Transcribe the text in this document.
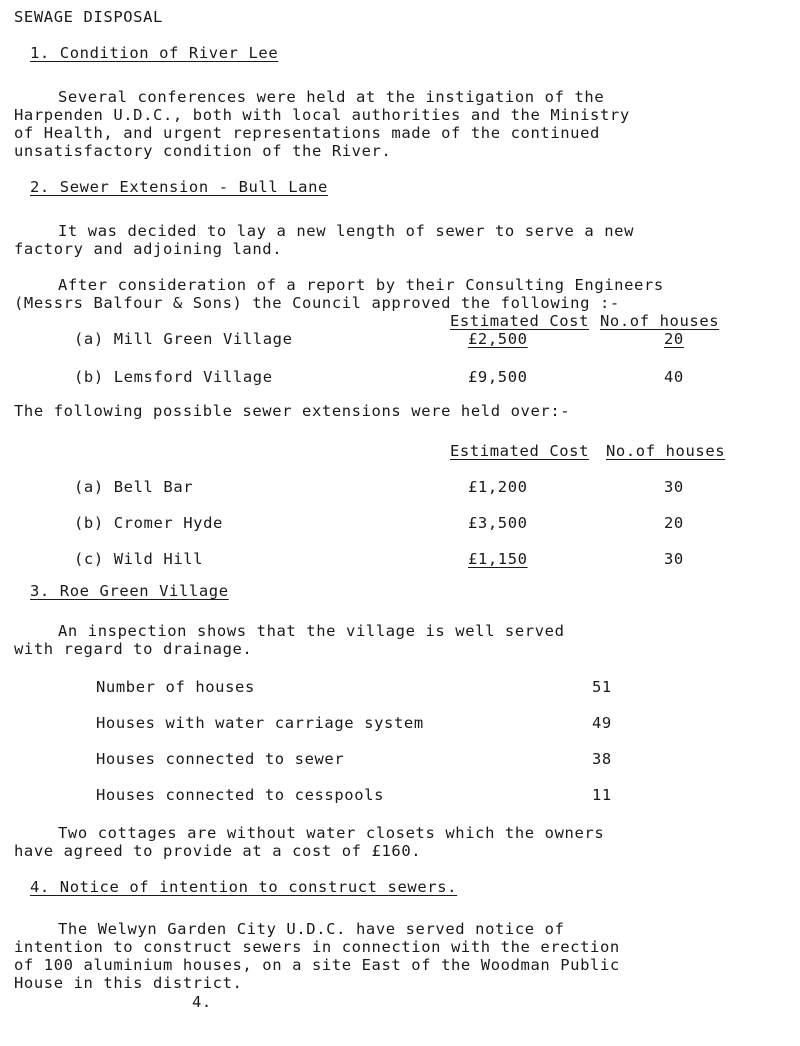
SEWAGE DISPOSAL
1. Condition of River Lee
Several conferences were held at the instigation of the
Harpenden U.D.C., both with local authorities and the Ministry
of Health, and urgent representations made of the continued
unsatisfactory condition of the River.
2. Sewer Extension - Bull Lane
It was decided to lay a new length of sewer to serve a new
factory and adjoining land.
After consideration of a report by their Consulting Engineers
(Messrs Balfour & Sons) the Council approved the following :-
Estimated Cost No.of houses
(a) Mill Green Village	£2,500	20
(b) Lemsford Village	£9,500	40
The following possible sewer extensions were held over:-
Estimated Cost No.of houses
(a) Bell Bar	£1,200	30
(b) Cromer Hyde	£3,500	20
(c) Wild Hill	£1,150	30
3. Roe Green Village
An inspection shows that the village is well served
with regard to drainage.
Number of houses	51
Houses with water carriage system	49
Houses connected to sewer	38
Houses connected to cesspools	11
Two cottages are without water closets which the owners
have agreed to provide at a cost of £160.
4. Notice of intention to construct sewers.
The Welwyn Garden City U.D.C. have served notice of
intention to construct sewers in connection with the erection
of 100 aluminium houses, on a site East of the Woodman Public
House in this district.
4.
